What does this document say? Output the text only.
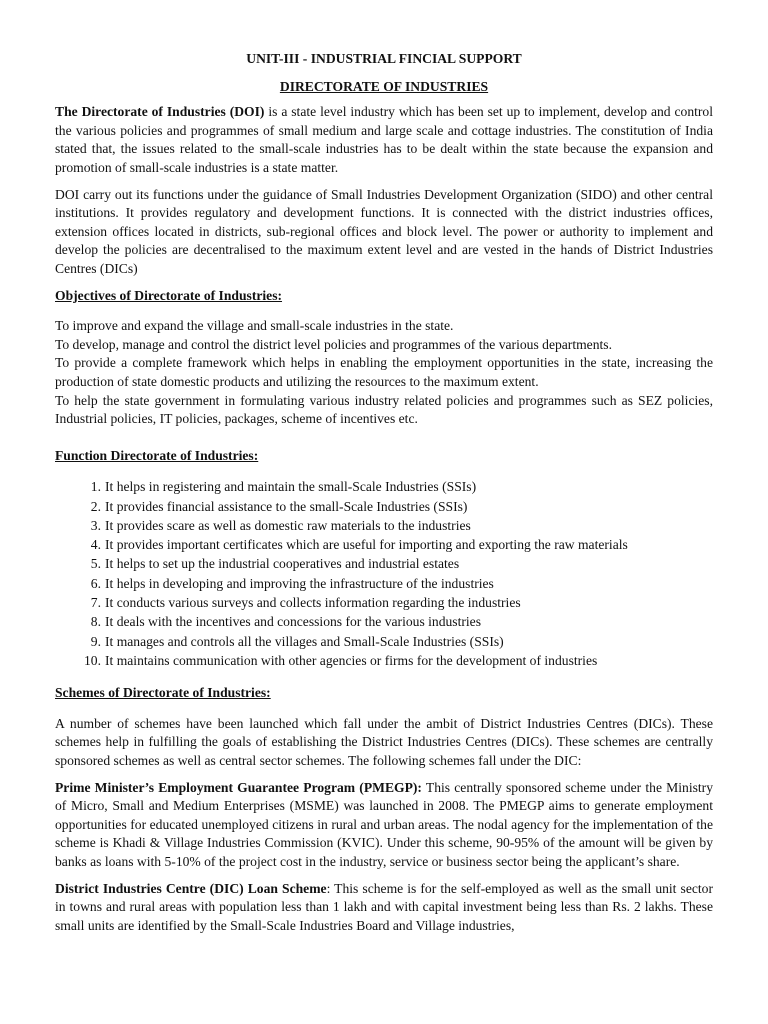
UNIT-III - INDUSTRIAL FINCIAL SUPPORT
DIRECTORATE OF INDUSTRIES

The Directorate of Industries (DOI) is a state level industry which has been set up to implement, develop and control the various policies and programmes of small medium and large scale and cottage industries. The constitution of India stated that, the issues related to the small-scale industries has to be dealt within the state because the expansion and promotion of small-scale industries is a state matter.

DOI carry out its functions under the guidance of Small Industries Development Organization (SIDO) and other central institutions. It provides regulatory and development functions. It is connected with the district industries offices, extension offices located in districts, sub-regional offices and block level. The power or authority to implement and develop the policies are decentralised to the maximum extent level and are vested in the hands of District Industries Centres (DICs)

Objectives of Directorate of Industries:
To improve and expand the village and small-scale industries in the state.
To develop, manage and control the district level policies and programmes of the various departments.
To provide a complete framework which helps in enabling the employment opportunities in the state, increasing the production of state domestic products and utilizing the resources to the maximum extent.
To help the state government in formulating various industry related policies and programmes such as SEZ policies, Industrial policies, IT policies, packages, scheme of incentives etc.
Function Directorate of Industries:
1. It helps in registering and maintain the small-Scale Industries (SSIs)
2. It provides financial assistance to the small-Scale Industries (SSIs)
3. It provides scare as well as domestic raw materials to the industries
4. It provides important certificates which are useful for importing and exporting the raw materials
5. It helps to set up the industrial cooperatives and industrial estates
6. It helps in developing and improving the infrastructure of the industries
7. It conducts various surveys and collects information regarding the industries
8. It deals with the incentives and concessions for the various industries
9. It manages and controls all the villages and Small-Scale Industries (SSIs)
10. It maintains communication with other agencies or firms for the development of industries
Schemes of Directorate of Industries:

A number of schemes have been launched which fall under the ambit of District Industries Centres (DICs). These schemes help in fulfilling the goals of establishing the District Industries Centres (DICs). These schemes are centrally sponsored schemes as well as central sector schemes. The following schemes fall under the DIC:

Prime Minister’s Employment Guarantee Program (PMEGP): This centrally sponsored scheme under the Ministry of Micro, Small and Medium Enterprises (MSME) was launched in 2008. The PMEGP aims to generate employment opportunities for educated unemployed citizens in rural and urban areas. The nodal agency for the implementation of the scheme is Khadi & Village Industries Commission (KVIC). Under this scheme, 90-95% of the amount will be given by banks as loans with 5-10% of the project cost in the industry, service or business sector being the applicant’s share.

District Industries Centre (DIC) Loan Scheme: This scheme is for the self-employed as well as the small unit sector in towns and rural areas with population less than 1 lakh and with capital investment being less than Rs. 2 lakhs. These small units are identified by the Small-Scale Industries Board and Village industries,
